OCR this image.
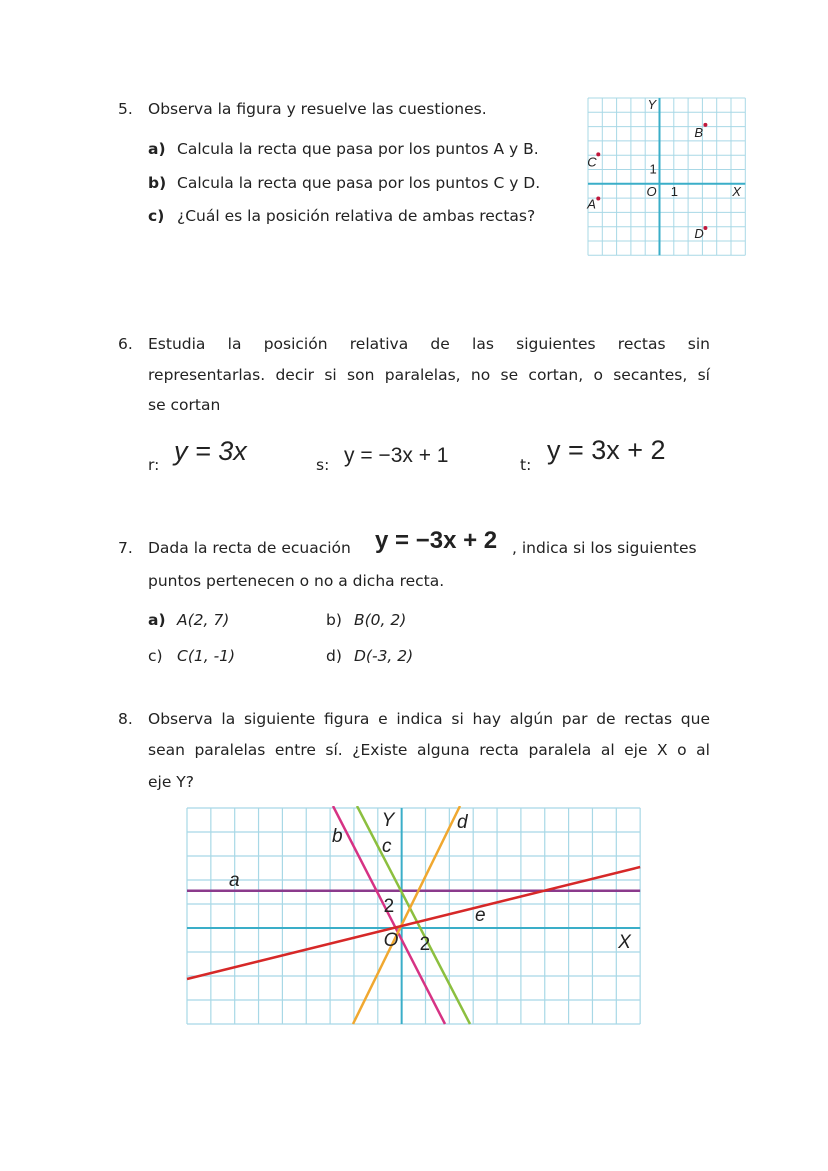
5. Observa la figura y resuelve las cuestiones.
a) Calcula la recta que pasa por los puntos A y B.
b) Calcula la recta que pasa por los puntos C y D.
c) ¿Cuál es la posición relativa de ambas rectas?
Y
X
O 1
1
A
B
C
D
6. Estudia la posición relativa de las siguientes rectas sin
representarlas. decir si son paralelas, no se cortan, o secantes, sí
se cortan
r: y = 3x	s: y = −3x + 1	t: y = 3x + 2
7. Dada la recta de ecuación y = −3x + 2 , indica si los siguientes
puntos pertenecen o no a dicha recta.
a) A(2, 7)	b) B(0, 2)
c) C(1, -1)	d) D(-3, 2)
8. Observa la siguiente figura e indica si hay algún par de rectas que
sean paralelas entre sí. ¿Existe alguna recta paralela al eje X o al
eje Y?
Y
X
O 2
2
a
b c
d
e
